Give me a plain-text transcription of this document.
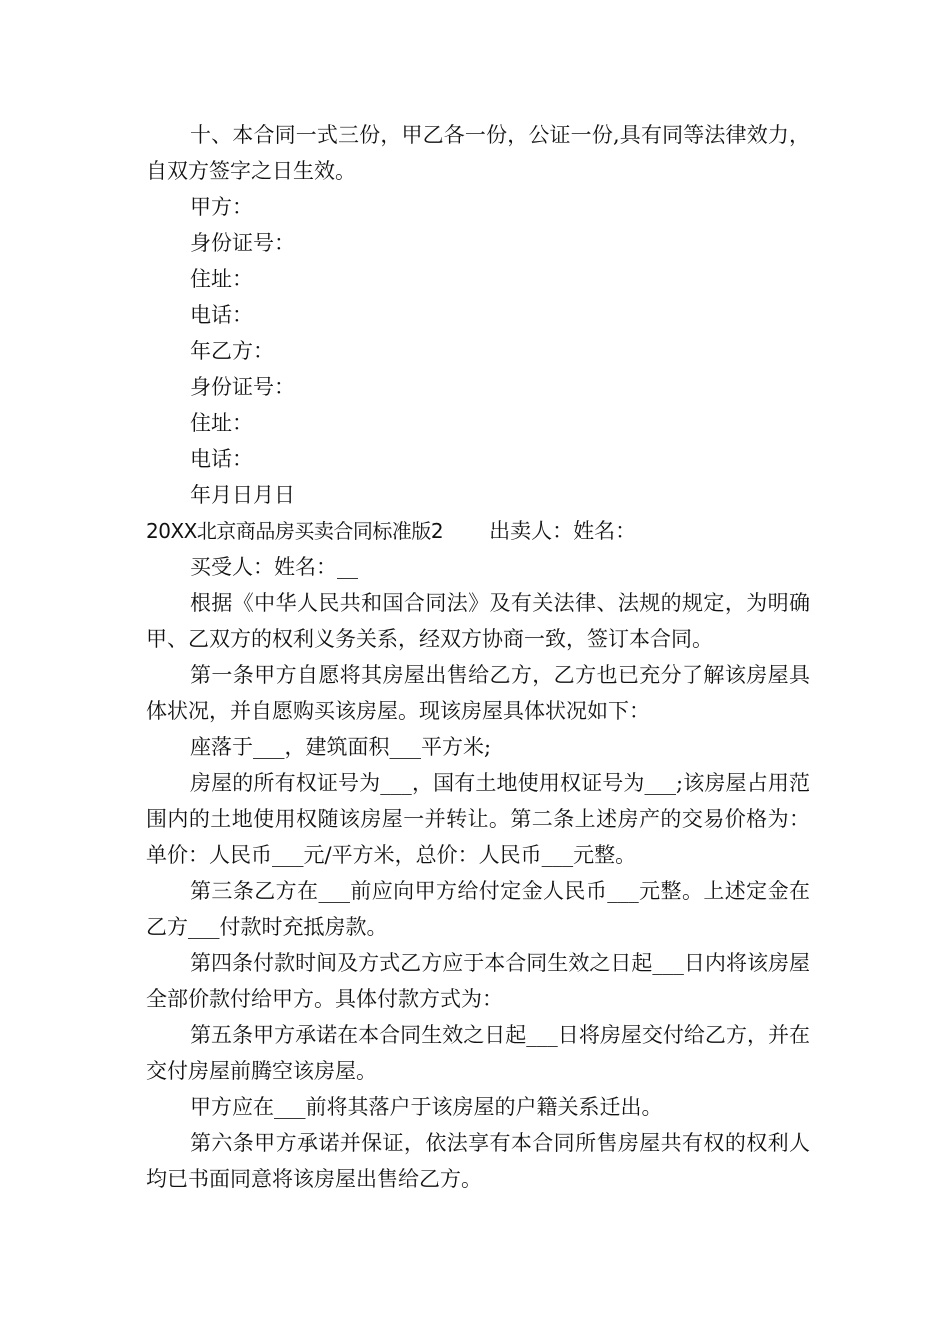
十、本合同一式三份，甲乙各一份，公证一份,具有同等法律效力，自双方签字之日生效。

甲方：

身份证号：

住址：

电话：

年乙方：

身份证号：

住址：

电话：

年月日月日

20XX北京商品房买卖合同标准版2 出卖人：姓名：

买受人：姓名：__

根据《中华人民共和国合同法》及有关法律、法规的规定，为明确甲、乙双方的权利义务关系，经双方协商一致，签订本合同。

第一条甲方自愿将其房屋出售给乙方，乙方也已充分了解该房屋具体状况，并自愿购买该房屋。现该房屋具体状况如下：

座落于___，建筑面积___平方米;

房屋的所有权证号为___，国有土地使用权证号为___;该房屋占用范围内的土地使用权随该房屋一并转让。第二条上述房产的交易价格为：单价：人民币___元/平方米，总价：人民币___元整。

第三条乙方在___前应向甲方给付定金人民币___元整。上述定金在乙方___付款时充抵房款。

第四条付款时间及方式乙方应于本合同生效之日起___日内将该房屋全部价款付给甲方。具体付款方式为：

第五条甲方承诺在本合同生效之日起___日将房屋交付给乙方，并在交付房屋前腾空该房屋。

甲方应在___前将其落户于该房屋的户籍关系迁出。

第六条甲方承诺并保证，依法享有本合同所售房屋共有权的权利人均已书面同意将该房屋出售给乙方。
